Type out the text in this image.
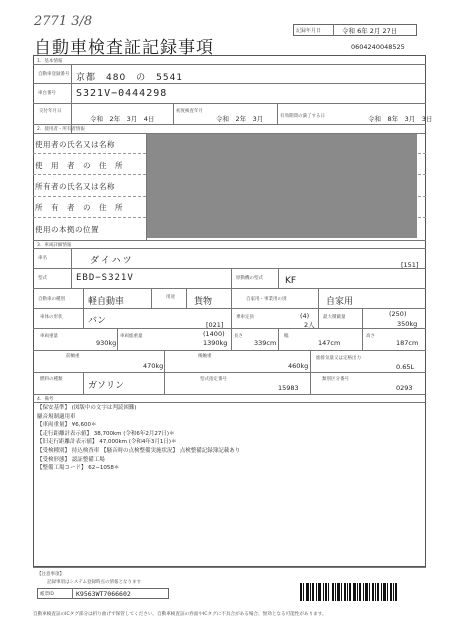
2771 3/8
記録年月日	令和 6年 2月 27日
自動車検査証記録事項	0604240048525
1．基本情報
自動車登録番号 京都　480　の　5541
車台番号 S321V−0444298
交付年月日
令和　2年　3月　4日
初度検査年月
令和　2年　3月	有効期間の満了する日	令和　8年　3月　3日
2．使用者・所有者情報
使用者の氏名又は名称
使　用　者　の　住　所
所有者の氏名又は名称
所　有　者　の　住　所
使用の本拠の位置
3．車両詳細情報
車名	ダイハツ	[151]
型式	EBD−S321V	原動機の型式 KF
自動車の種別	軽自動車	用途 貨物	自家用・事業用の別	自家用
車体の形状	バン	[021]
乗車定員	(4)
2人
最大積載量	(250)
350kg
車両重量
930kg
車両総重量	(1400)
1390kg
長さ
339cm
幅
147cm
高さ
187cm
前軸重
470kg
後軸重
460kg
総排気量又は定格出力
0.65L
燃料の種類
ガソリン
型式指定番号
15983
類別区分番号
0293
4．備考
【保安基準】 (図版中の文字は判読困難)
騒音規制適用車
【車両重量】 ¥6,600＊
【走行距離計表示値】 38,700km (令和6年2月27日)＊
【旧走行距離計表示値】 47,000km (令和4年3月1日)＊
【受検種別】 持込検査車 【騒音時の点検整備実施状況】 点検整備記録簿記載あり
【受検形態】 認証整備工場
【整備工場コード】 62−1058＊
【注意事項】
記録事項はシステム登録時点の情報となります
帳票ID	K9563WT7066602
自動車検査証のICタグ部分は折り曲げず保管してください。自動車検査証の券面やICタグに不具合がある場合、無効となる可能性があります。
